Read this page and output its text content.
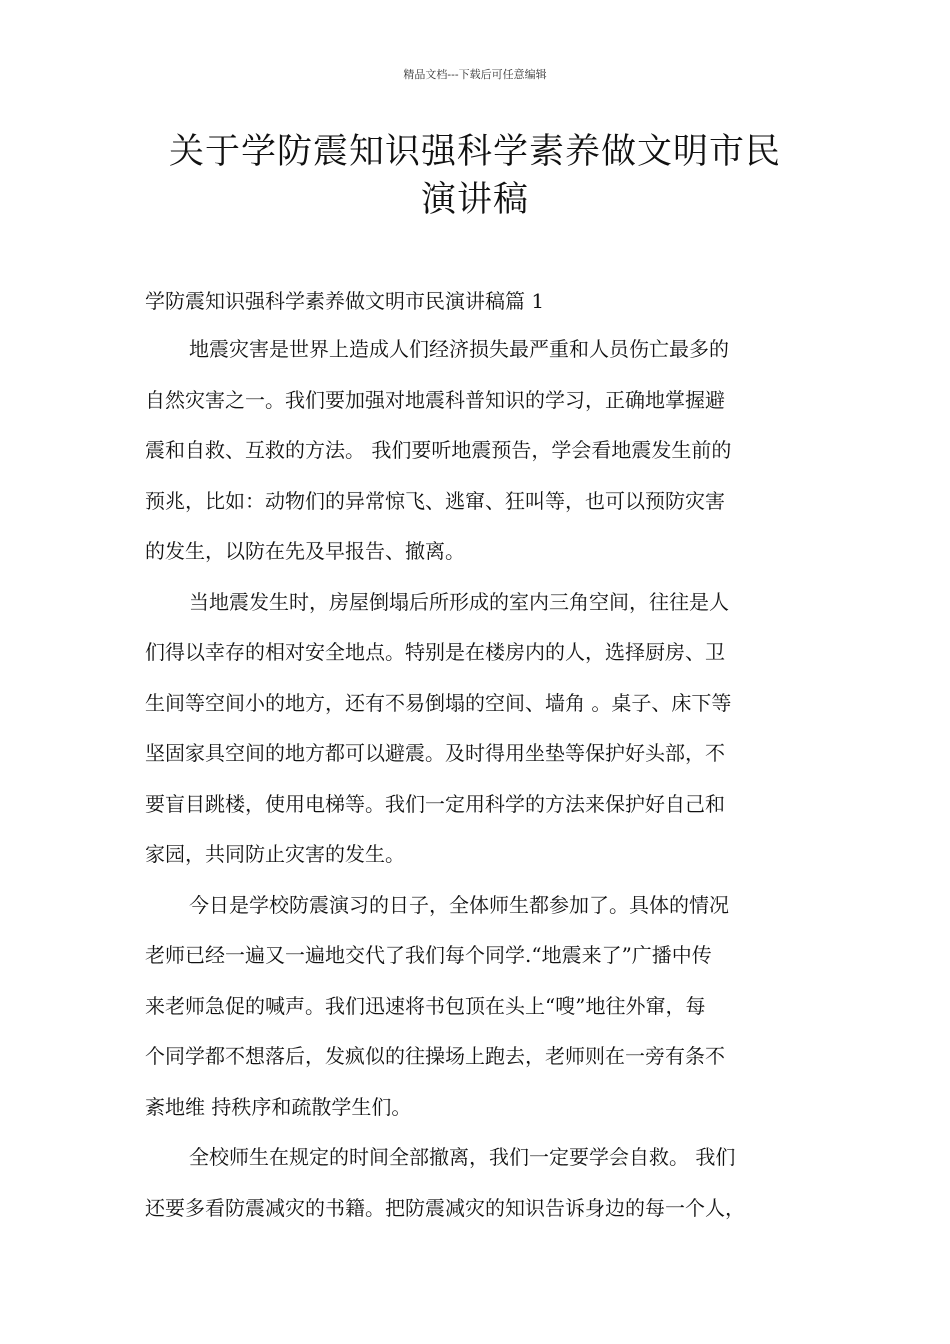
精品文档---下载后可任意编辑
关于学防震知识强科学素养做文明市民
演讲稿
学防震知识强科学素养做文明市民演讲稿篇 1
地震灾害是世界上造成人们经济损失最严重和人员伤亡最多的
自然灾害之一。我们要加强对地震科普知识的学习，正确地掌握避
震和自救、互救的方法。 我们要听地震预告，学会看地震发生前的
预兆，比如：动物们的异常惊飞、逃窜、狂叫等，也可以预防灾害
的发生，以防在先及早报告、撤离。
当地震发生时，房屋倒塌后所形成的室内三角空间，往往是人
们得以幸存的相对安全地点。特别是在楼房内的人，选择厨房、卫
生间等空间小的地方，还有不易倒塌的空间、墙角 。桌子、床下等
坚固家具空间的地方都可以避震。及时得用坐垫等保护好头部，不
要盲目跳楼，使用电梯等。我们一定用科学的方法来保护好自己和
家园，共同防止灾害的发生。
今日是学校防震演习的日子，全体师生都参加了。具体的情况
老师已经一遍又一遍地交代了我们每个同学.“地震来了”广播中传
来老师急促的喊声。我们迅速将书包顶在头上“嗖”地往外窜，每
个同学都不想落后，发疯似的往操场上跑去，老师则在一旁有条不
紊地维 持秩序和疏散学生们。
全校师生在规定的时间全部撤离，我们一定要学会自救。 我们
还要多看防震减灾的书籍。把防震减灾的知识告诉身边的每一个人，
